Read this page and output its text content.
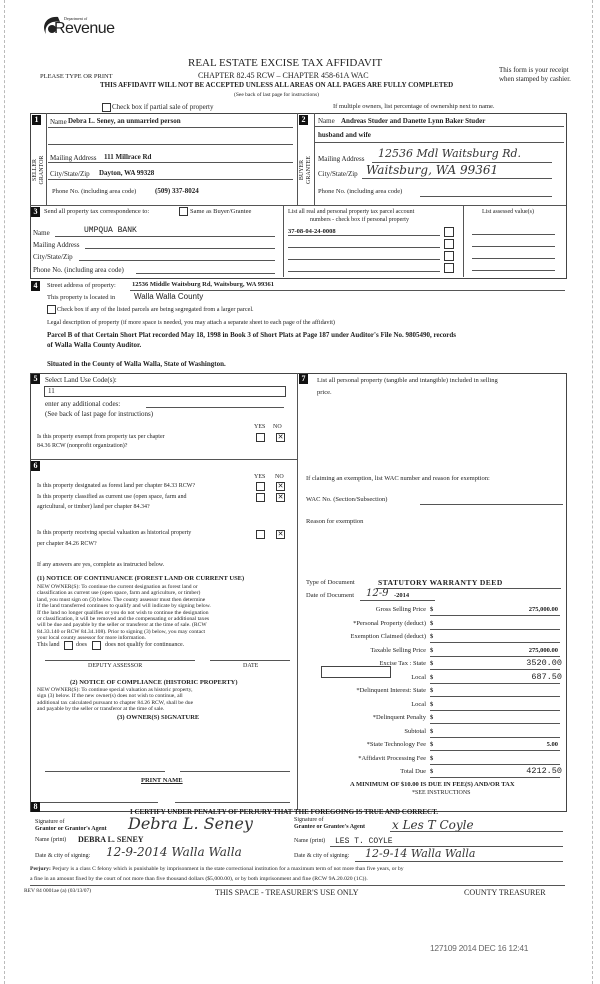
Department of
Revenue
PLEASE TYPE OR PRINT
REAL ESTATE EXCISE TAX AFFIDAVIT
CHAPTER 82.45 RCW – CHAPTER 458-61A WAC
THIS AFFIDAVIT WILL NOT BE ACCEPTED UNLESS ALL AREAS ON ALL PAGES ARE FULLY COMPLETED
This form is your receipt
when stamped by cashier.
(See back of last page for instructions)
Check box if partial sale of property	If multiple owners, list percentage of ownership next to name.
1
SELLER GRANTOR
Name Debra L. Seney, an unmarried person
Mailing Address 111 Millrace Rd
City/State/Zip Dayton, WA 99328
Phone No. (including area code)	(509) 337-8024
2
BUYER GRANTEE
Name Andreas Studer and Danette Lynn Baker Studer
husband and wife
Mailing Address 12536 Mdl Waitsburg Rd.
City/State/Zip Waitsburg, WA 99361
Phone No. (including area code)
3	Send all property tax correspondence to:	Same as Buyer/Grantee
Name	UMPQUA BANK
Mailing Address
City/State/Zip
Phone No. (including area code)
List all real and personal property tax parcel account
numbers - check box if personal property
37-08-04-24-0008
List assessed value(s)
4	Street address of property: 12536 Middle Waitsburg Rd, Waitsburg, WA 99361
This property is located in Walla Walla County
Check box if any of the listed parcels are being segregated from a larger parcel.
Legal description of property (if more space is needed, you may attach a separate sheet to each page of the affidavit)
Parcel B of that Certain Short Plat recorded May 18, 1998 in Book 3 of Short Plats at Page 187 under Auditor's File No. 9805490, records
of Walla Walla County Auditor.
Situated in the County of Walla Walla, State of Washington.
5	Select Land Use Code(s):
11
enter any additional codes:
(See back of last page for instructions)
YES NO
Is this property exempt from property tax per chapter
84.36 RCW (nonprofit organization)?
✕
6
YES NO
Is this property designated as forest land per chapter 84.33 RCW?	✕
Is this property classified as current use (open space, farm and
agricultural, or timber) land per chapter 84.34?
✕
Is this property receiving special valuation as historical property
per chapter 84.26 RCW?
✕
If any answers are yes, complete as instructed below.
(1) NOTICE OF CONTINUANCE (FOREST LAND OR CURRENT USE)
NEW OWNER(S): To continue the current designation as forest land or
classification as current use (open space, farm and agriculture, or timber)
land, you must sign on (3) below. The county assessor must then determine
if the land transferred continues to qualify and will indicate by signing below.
If the land no longer qualifies or you do not wish to continue the designation
or classification, it will be removed and the compensating or additional taxes
will be due and payable by the seller or transferor at the time of sale. (RCW
84.33.140 or RCW 84.34.108). Prior to signing (3) below, you may contact
your local county assessor for more information.
This land	does	does not qualify for continuance.
DEPUTY ASSESSOR	DATE
(2) NOTICE OF COMPLIANCE (HISTORIC PROPERTY)
NEW OWNER(S): To continue special valuation as historic property,
sign (3) below. If the new owner(s) does not wish to continue, all
additional tax calculated pursuant to chapter 84.26 RCW, shall be due
and payable by the seller or transferor at the time of sale.
(3) OWNER(S) SIGNATURE
PRINT NAME
7	List all personal property (tangible and intangible) included in selling
price.
If claiming an exemption, list WAC number and reason for exemption:
WAC No. (Section/Subsection)
Reason for exemption
Type of Document	STATUTORY WARRANTY DEED
Date of Document 12-9 -2014
Gross Selling Price $	275,000.00
*Personal Property (deduct) $
Exemption Claimed (deduct) $
Taxable Selling Price $	275,000.00
Excise Tax : State $	3520.00
Local $	687.50
*Delinquent Interest: State $
Local $
*Delinquent Penalty $
Subtotal $
*State Technology Fee $	5.00
*Affidavit Processing Fee $
Total Due $	4212.50
A MINIMUM OF $10.00 IS DUE IN FEE(S) AND/OR TAX
*SEE INSTRUCTIONS
8
I CERTIFY UNDER PENALTY OF PERJURY THAT THE FOREGOING IS TRUE AND CORRECT.
Signature of
Grantor or Grantor's Agent Debra L. Seney	Signature of
Grantee or Grantee's Agent x Les T Coyle
Name (print) DEBRA L. SENEY	Name (print) LES T. COYLE
Date & city of signing: 12-9-2014 Walla Walla	Date & city of signing: 12-9-14 Walla Walla
Perjury: Perjury is a class C felony which is punishable by imprisonment in the state correctional institution for a maximum term of not more than five years, or by
a fine in an amount fixed by the court of not more than five thousand dollars ($5,000.00), or by both imprisonment and fine (RCW 9A.20.020 (1C)).
REV 84 0001ae (a) (03/13/07)	THIS SPACE - TREASURER'S USE ONLY	COUNTY TREASURER
127109 2014 DEC 16 12:41
